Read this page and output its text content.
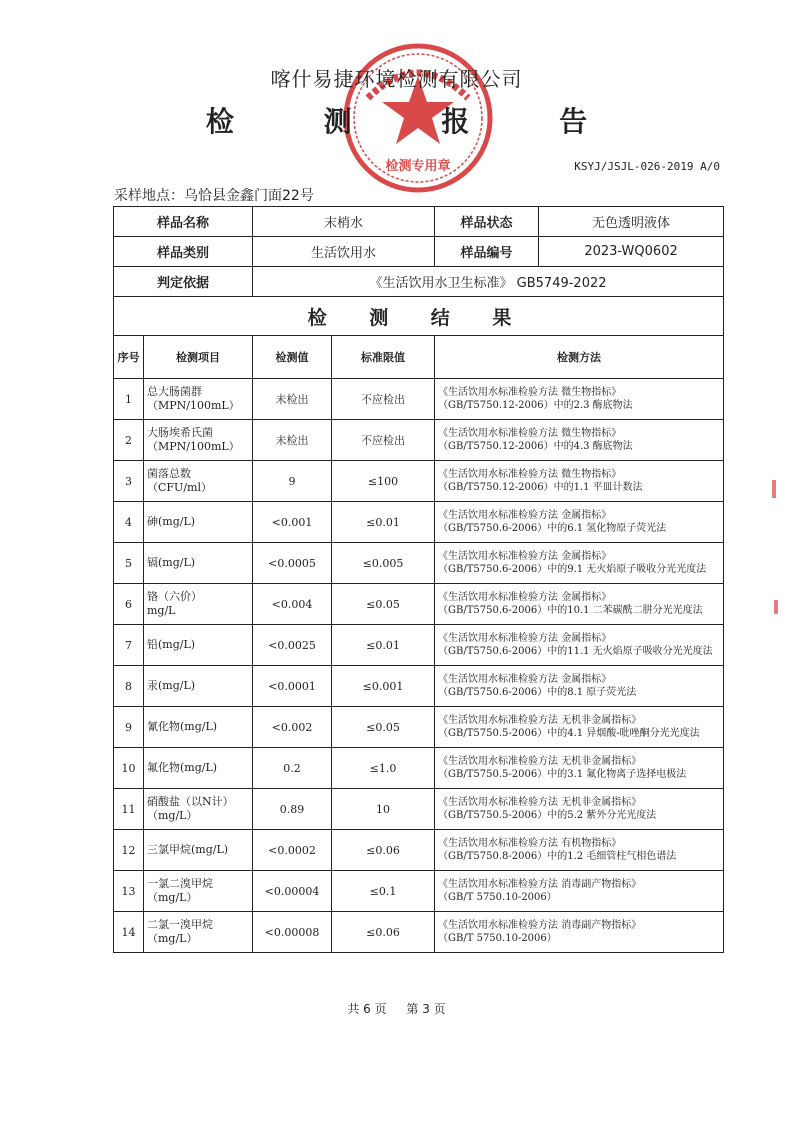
检测专用章
喀什易捷环境检测有限公司
检 测 报 告
KSYJ/JSJL-026-2019 A/0
采样地点：乌恰县金鑫门面22号
样品名称		末梢水		样品状态 无色透明液体

样品类别		生活饮用水		样品编号 2023-WQ0602

判定依据		《生活饮用水卫生标准》 GB5749-2022		
检 测 结 果				
序号	检测项目	检测值	标准限值	检测方法
1	总大肠菌群
（MPN/100mL）	未检出	不应检出	《生活饮用水标准检验方法 微生物指标》
（GB/T5750.12-2006）中的2.3 酶底物法
2	大肠埃希氏菌
（MPN/100mL）	未检出	不应检出	《生活饮用水标准检验方法 微生物指标》
（GB/T5750.12-2006）中的4.3 酶底物法
3	菌落总数
（CFU/ml）	9	≤100	《生活饮用水标准检验方法 微生物指标》
（GB/T5750.12-2006）中的1.1 平皿计数法
4	砷(mg/L)	<0.001	≤0.01	《生活饮用水标准检验方法 金属指标》
（GB/T5750.6-2006）中的6.1 氢化物原子荧光法
5	镉(mg/L)	<0.0005	≤0.005	《生活饮用水标准检验方法 金属指标》
（GB/T5750.6-2006）中的9.1 无火焰原子吸收分光光度法
6	铬（六价）
mg/L	<0.004	≤0.05	《生活饮用水标准检验方法 金属指标》
（GB/T5750.6-2006）中的10.1 二苯碳酰二肼分光光度法
7	铅(mg/L)	<0.0025	≤0.01	《生活饮用水标准检验方法 金属指标》
（GB/T5750.6-2006）中的11.1 无火焰原子吸收分光光度法
8	汞(mg/L)	<0.0001	≤0.001	《生活饮用水标准检验方法 金属指标》
（GB/T5750.6-2006）中的8.1 原子荧光法
9	氰化物(mg/L)	<0.002	≤0.05	《生活饮用水标准检验方法 无机非金属指标》
（GB/T5750.5-2006）中的4.1 异烟酸-吡唑酮分光光度法
10	氟化物(mg/L)	0.2	≤1.0	《生活饮用水标准检验方法 无机非金属指标》
（GB/T5750.5-2006）中的3.1 氟化物离子选择电极法
11	硝酸盐（以N计）
（mg/L）	0.89	10	《生活饮用水标准检验方法 无机非金属指标》
（GB/T5750.5-2006）中的5.2 紫外分光光度法
12	三氯甲烷(mg/L)	<0.0002	≤0.06	《生活饮用水标准检验方法 有机物指标》
（GB/T5750.8-2006）中的1.2 毛细管柱气相色谱法
13	一氯二溴甲烷
（mg/L）	<0.00004	≤0.1	《生活饮用水标准检验方法 消毒副产物指标》
（GB/T 5750.10-2006）
14	二氯一溴甲烷
（mg/L）	<0.00008	≤0.06	《生活饮用水标准检验方法 消毒副产物指标》
（GB/T 5750.10-2006）
共 6 页 第 3 页
